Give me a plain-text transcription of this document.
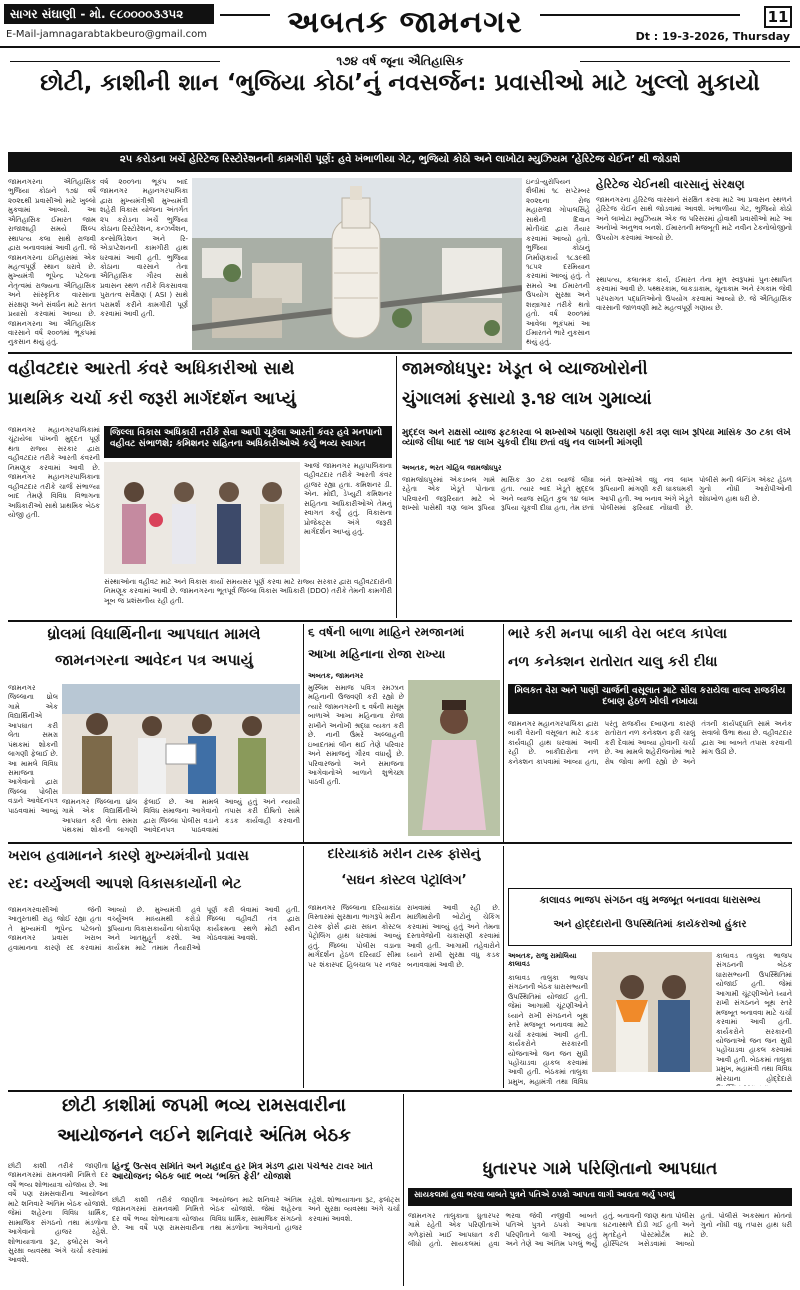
સાગર સંઘાણી - મો. ૯૮૦૦૦૦૩૩૫૨
E-Mail-jamnagarabtakbeuro@gmail.com	અબતક જામનગર	11
Dt : 19-3-2026, Thursday
૧૭૪ વર્ષ જૂના ઐતિહાસિક
છોટી, કાશીની શાન ‘ભુજિયા કોઠા’નું નવસર્જન: પ્રવાસીઓ માટે ખુલ્લો મુકાયો
૨૫ કરોડના ખર્ચે હેરિટેજ રિસ્ટોરેશનની કામગીરી પૂર્ણ: હવે ખંભાળીયા ગેટ, ભુજિયો કોઠો અને લાખોટા મ્યુઝિયમ ‘હેરિટેજ ચેઈન’ થી જોડાશે
જામનગરના ઐતિહાસિક ભુજિયા કોઠાને ૧૭૪ વર્ષ ૨૦૨૬થી પ્રવાસીઓ માટે ખુલ્લો મુકવામાં આવ્યો. આ ઐતિહાસિક ઈમારત જામ રાજાશાહી સમયે શિલ્પ સ્થાપત્ય કલા સાથે રાજવી દ્વારા બનાવવામાં આવી હતી. જે જામનગરના ઇતિહાસમાં એક મહત્વપૂર્ણ સ્થાન ધરાવે છે. મુખ્યમંત્રી ભૂપેન્દ્ર પટેલના નેતૃત્વમાં રાજ્યના ઐતિહાસિક અને સાંસ્કૃતિક વારસાના સંરક્ષણ અને સંવર્ધન માટે સતત પ્રયાસો કરવામાં આવ્યા છે. જામનગરના આ ઐતિહાસિક વારસાને વર્ષ ૨૦૦૧માં ભૂકંપમાં નુકસાન થયું હતું.
વર્ષ ૨૦૦૧ના ભૂકંપ બાદ જામનગર મહાનગરપાલિકા દ્વારા મુખ્યમંત્રીશ્રી મુખ્યમંત્રી શહેરી વિકાસ યોજના અંતર્ગત ૨૫ કરોડના ખર્ચે ભુજિયા કોઠાના રિસ્ટોરેશન, કન્ઝર્વેશન, કન્સોલિડેશન અને રિ-એડાપ્ટેશનની કામગીરી હાથ ધરવામાં આવી હતી. ભુજિયા કોઠાના વારસાને તેના ઐતિહાસિક ગૌરવ સાથે પ્રવાસન સ્થળ તરીકે વિકસાવવા પુરાતત્વ સર્વેક્ષણ ( ASI ) સાથે પરામર્શ કરીને કામગીરી પૂર્ણ કરવામાં આવી હતી.
ઇન્ડો-યુરોપિયન શૈલીમાં ૧૮ સપ્ટેમ્બર ૨૦૨૬ના રોજ મહારાજા ગોપાલસિંહે સાથેની દિવાન મોતીચંદ દ્વારા તૈયાર કરવામાં આવ્યો હતો. ભુજિયા કોઠાનું નિર્માણકાર્ય ૧૮૩૯થી ૧૮૫૨ દરમિયાન કરવામાં આવ્યું હતું. તે સમયે આ ઈમારતની ઉપયોગ સુરક્ષા અને શસ્ત્રાગાર તરીકે થતો હતો. વર્ષ ૨૦૦૧માં આવેલા ભૂકંપમાં આ ઈમારતને ભારે નુકસાન થયું હતું.
હેરિટેજ ચેઈનથી વારસાનું સંરક્ષણ
જામનગરના હેરિટેજ વારસાને સંરક્ષિત કરવા માટે આ પ્રવાસન સ્થળને હેરિટેજ ચેઈન સાથે જોડવામાં આવશે. ખંભાળીયા ગેટ, ભુજિયો કોઠો અને લાખોટા મ્યુઝિયમ એક જ પરિસરમાં હોવાથી પ્રવાસીઓ માટે આ અનોખો અનુભવ બનશે. ઈમારતની મજબૂતી માટે નવીન ટેકનોલોજીનો ઉપયોગ કરવામાં આવ્યો છે.
સ્થાપત્ય, કલાત્મક કાર્ય, ઈમારત તેના મૂળ સ્વરૂપમાં પુનઃસ્થાપિત કરવામાં આવી છે. પથ્થરકામ, લાકડાકામ, ચૂનાકામ અને રંગકામ જેવી પરંપરાગત પદ્ધતિઓનો ઉપયોગ કરવામાં આવ્યો છે. જે ઐતિહાસિક વારસાની જાળવણી માટે મહત્વપૂર્ણ ગણાય છે.
વહીવટદાર આરતી કંવરે અધિકારીઓ સાથે
પ્રાથમિક ચર્ચા કરી જરૂરી માર્ગદર્શન આપ્યું
જામનગર મહાનગરપાલિકામાં ચૂંટાયેલા પાંખની મુદ્દત પૂર્ણ થતા રાજ્ય સરકાર દ્વારા વહીવટદાર તરીકે આરતી કંવરની નિમણૂક કરવામાં આવી છે. જામનગર મહાનગરપાલિકાના વહીવટદાર તરીકે ચાર્જ સંભાળ્યા બાદ તેમણે વિવિધ વિભાગના અધિકારીઓ સાથે પ્રાથમિક બેઠક યોજી હતી.
જિલ્લા વિકાસ અધિકારી તરીકે સેવા આપી ચૂકેલા આરતી કંવર હવે મનપાનો વહીવટ સંભાળશે; કમિશનર સહિતના અધિકારીઓએ કર્યુ ભવ્ય સ્વાગત
આજે જામનગર મહાપાલિકાના વહીવટદાર તરીકે આરતી કંવર હાજર રહ્યા હતા. કમિશનર ડી. એન. મોદી, ડેપ્યુટી કમિશનર સહિતના અધિકારીઓએ તેમનું સ્વાગત કર્યું હતું. વિકાસના પ્રોજેક્ટ્સ અંગે જરૂરી માર્ગદર્શન આપ્યું હતું.
સંસ્થાઓના વહીવટ માટે અને વિકાસ કાર્યો સમયસર પૂર્ણ કરવા માટે રાજ્ય સરકાર દ્વારા વહીવટદારોની નિમણૂક કરવામાં આવી છે. જામનગરના ભૂતપૂર્વ જિલ્લા વિકાસ અધિકારી (DDO) તરીકે તેમની કામગીરી ખૂબ જ પ્રશંસનીય રહી હતી.
જામજોધપુર: ખેડૂત બે વ્યાજખોરોની
ચુંગાલમાં ફસાયો રૂ.૧૪ લાખ ગુમાવ્યાં
મુદ્દલ અને રાક્ષસી વ્યાજ ફટકારવા બે શખ્સોએ પઠાણી ઉઘરાણી કરી ત્રણ લાખ રૂપિયા માસિક ૩૦ ટકા લેખે વ્યાજે લીધા બાદ ૧૪ લાખ ચુકવી દીધા છતાં વધુ નવ લાખની માંગણી
અબતક, ભરત ગોહિલ જામજોધપુર
જામજોધપુરમાં એકડબલ ગામે રહેતા એક ખેડૂતે પોતાના પરિવારની જરૂરિયાત માટે બે શખ્સો પાસેથી ત્રણ લાખ રૂપિયા માસિક ૩૦ ટકા વ્યાજે લીધા હતા. ત્યાર બાદ ખેડૂતે મુદ્દલ અને વ્યાજ સહિત કુલ ૧૪ લાખ રૂપિયા ચૂકવી દીધા હતા, તેમ છતાં બંને શખ્સોએ વધુ નવ લાખ રૂપિયાની માંગણી કરી ધાકધમકી આપી હતી. આ બનાવ અંગે ખેડૂતે પોલીસમાં ફરિયાદ નોંધાવી છે. પોલીસે મની લેન્ડિંગ એક્ટ હેઠળ ગુનો નોંધી આરોપીઓની શોધખોળ હાથ ધરી છે.
ધ્રોલમાં વિધાર્થિનીના આપઘાત મામલે
જામનગરના આવેદન પત્ર અપાયું
જામનગર જિલ્લાના ધ્રોલ ગામે એક વિદ્યાર્થિનીએ આપઘાત કરી લેતા સમગ્ર પંથકમાં શોકની લાગણી ફેલાઈ છે. આ મામલે વિવિધ સમાજના આગેવાનો દ્વારા જિલ્લા પોલીસ વડાને આવેદનપત્ર પાઠવવામાં આવ્યું
જામનગર જિલ્લાના ધ્રોલ ગામે એક વિદ્યાર્થિનીએ આપઘાત કરી લેતા સમગ્ર પંથકમાં શોકની લાગણી ફેલાઈ છે. આ મામલે વિવિધ સમાજના આગેવાનો દ્વારા જિલ્લા પોલીસ વડાને આવેદનપત્ર પાઠવવામાં આવ્યું હતું અને ન્યાયી તપાસ કરી દોષિતો સામે કડક કાર્યવાહી કરવાની
૬ વર્ષની બાળા માહિને રમજાનમાં
આખા મહિનાના રોજા રાખ્યા
અબતક, જામનગર
મુસ્લિમ સમાજ પવિત્ર રમઝાન મહિનાની ઉજવણી કરી રહ્યો છે ત્યારે જામનગરની ૬ વર્ષની માસૂમ બાળાએ આખા મહિનાના રોજા રાખીને અનોખી શ્રદ્ધા વ્યક્ત કરી છે. નાની ઉંમરે અલ્લાહની ઇબાદતમાં લીન થઈ તેણે પરિવાર અને સમાજનું ગૌરવ વધાર્યું છે. પરિવારજનો અને સમાજના આગેવાનોએ બાળાને શુભેચ્છા પાઠવી હતી.
ભારે કરી મનપા બાકી વેરા બદલ કાપેલા
નળ કનેક્શન રાતોરાત ચાલુ કરી દીધા
મિલકત વેરા અને પાણી ચાર્જની વસૂલાત માટે સીલ કરાયેલા વાલ્વ રાજકીય દબાણ હેઠળ ખોલી નખાયા
જામનગર મહાનગરપાલિકા દ્વારા બાકી વેરાની વસૂલાત માટે કડક કાર્યવાહી હાથ ધરવામાં આવી રહી છે. બાકીદારોના નળ કનેક્શન કાપવામાં આવ્યા હતા, પરંતુ રાજકીય દબાણના કારણે રાતોરાત નળ કનેક્શન ફરી ચાલુ કરી દેવામાં આવ્યા હોવાની ચર્ચા છે. આ મામલે શહેરીજનોમાં ભારે રોષ જોવા મળી રહ્યો છે અને તંત્રની કાર્યપદ્ધતિ સામે અનેક સવાલો ઉભા થયા છે. વહીવટદાર દ્વારા આ બાબતે તપાસ કરવાની માંગ ઉઠી છે.
ખરાબ હવામાનને કારણે મુખ્યમંત્રીનો પ્રવાસ
રદ: વર્ચ્યુઅલી આપશે વિકાસકાર્યોની ભેટ
જામનગરવાસીઓ જેની આતુરતાથી રાહ જોઈ રહ્યા હતા તે મુખ્યમંત્રી ભૂપેન્દ્ર પટેલનો જામનગર પ્રવાસ ખરાબ હવામાનના કારણે રદ કરવામાં આવ્યો છે. મુખ્યમંત્રી હવે વર્ચ્યુઅલ માધ્યમથી કરોડો રૂપિયાના વિકાસકાર્યોના લોકાર્પણ અને ખાતમુહૂર્ત કરશે. આ કાર્યક્રમ માટે તમામ તૈયારીઓ પૂર્ણ કરી લેવામાં આવી હતી. જિલ્લા વહીવટી તંત્ર દ્વારા કાર્યક્રમના સ્થળે મોટી સ્ક્રીન ગોઠવવામાં આવશે.
દરિયાકાંઠે મરીન ટાસ્ક ફોર્સનું
‘સઘન કોસ્ટલ પેટ્રોલિંગ’
જામનગર જિલ્લાના દરિયાકાંઠા વિસ્તારમાં સુરક્ષાના ભાગરૂપે મરીન ટાસ્ક ફોર્સ દ્વારા સઘન કોસ્ટલ પેટ્રોલિંગ હાથ ધરવામાં આવ્યું હતું. જિલ્લા પોલીસ વડાના માર્ગદર્શન હેઠળ દરિયાઈ સીમા પર શંકાસ્પદ હિલચાલ પર નજર રાખવામાં આવી રહી છે. માછીમારોની બોટોનું ચેકિંગ કરવામાં આવ્યું હતું અને તેમના દસ્તાવેજોની ચકાસણી કરવામાં આવી હતી. આગામી તહેવારોને ધ્યાને રાખી સુરક્ષા વધુ કડક બનાવવામાં આવી છે.
કાલાવડ ભાજપ સંગઠન વધુ મજબૂત બનાવવા ધારાસભ્ય
અને હોદ્દેદારોની ઉપસ્થિતિમાં કાર્યકરોઓ હુંકાર
અબતક, રાજુ રામોલિયા કાલાવડ
કાલાવડ તાલુકા ભાજપ સંગઠનની બેઠક ધારાસભ્યની ઉપસ્થિતિમાં યોજાઈ હતી. જેમાં આગામી ચૂંટણીઓને ધ્યાને રાખી સંગઠનને બૂથ સ્તરે મજબૂત બનાવવા માટે ચર્ચા કરવામાં આવી હતી. કાર્યકરોને સરકારની યોજનાઓ જન જન સુધી પહોંચાડવા હાકલ કરવામાં આવી હતી. બેઠકમાં તાલુકા પ્રમુખ, મહામંત્રી તથા વિવિધ
કાલાવડ તાલુકા ભાજપ સંગઠનની બેઠક ધારાસભ્યની ઉપસ્થિતિમાં યોજાઈ હતી. જેમાં આગામી ચૂંટણીઓને ધ્યાને રાખી સંગઠનને બૂથ સ્તરે મજબૂત બનાવવા માટે ચર્ચા કરવામાં આવી હતી. કાર્યકરોને સરકારની યોજનાઓ જન જન સુધી પહોંચાડવા હાકલ કરવામાં આવી હતી. બેઠકમાં તાલુકા પ્રમુખ, મહામંત્રી તથા વિવિધ મોરચાના હોદ્દેદારો
છોટી કાશીમાં જપમી ભવ્ય રામસવારીના
આયોજનને લઈને શનિવારે અંતિમ બેઠક
છોટી કાશી તરીકે જાણીતા જામનગરમાં રામનવમી નિમિત્તે દર વર્ષે ભવ્ય શોભાયાત્રા યોજાય છે. આ વર્ષે પણ રામસવારીના આયોજન માટે શનિવારે અંતિમ બેઠક યોજાશે. જેમાં શહેરના વિવિધ ધાર્મિક, સામાજિક સંગઠનો તથા મંડળોના આગેવાનો હાજર રહેશે. શોભાયાત્રાના રૂટ, ફ્લોટ્સ અને સુરક્ષા વ્યવસ્થા અંગે ચર્ચા કરવામાં આવશે.
હિન્દુ ઉત્સવ સમિતિ અને મહાદેવ હર મિત્ર મંડળ દ્વારા પંચેશ્વર ટાવર ખાતે આયોજન; બેઠક બાદ ભવ્ય ‘ભક્તિ ફેરી’ યોજાશે
છોટી કાશી તરીકે જાણીતા જામનગરમાં રામનવમી નિમિત્તે દર વર્ષે ભવ્ય શોભાયાત્રા યોજાય છે. આ વર્ષે પણ રામસવારીના આયોજન માટે શનિવારે અંતિમ બેઠક યોજાશે. જેમાં શહેરના વિવિધ ધાર્મિક, સામાજિક સંગઠનો તથા મંડળોના આગેવાનો હાજર રહેશે. શોભાયાત્રાના રૂટ, ફ્લોટ્સ અને સુરક્ષા વ્યવસ્થા અંગે ચર્ચા કરવામાં આવશે.
ધુતારપર ગામે પરિણિતાનો આપઘાત
સાયકલમાં હવા ભરવા બાબતે પુત્રને પતિએ ઠપકો આપતા લાગી આવતા ભર્યુ પગલું
જામનગર તાલુકાના ધુતારપર ગામે રહેતી એક પરિણીતાએ ગળેફાંસો ખાઈ આપઘાત કરી લીધો હતો. સાયકલમાં હવા ભરવા જેવી નજીવી બાબતે પતિએ પુત્રને ઠપકો આપતા પરિણીતાને લાગી આવ્યું હતું અને તેણે આ અંતિમ પગલું ભર્યું હતું. બનાવની જાણ થતા પોલીસ ઘટનાસ્થળે દોડી ગઈ હતી અને મૃતદેહને પોસ્ટમોર્ટમ માટે હોસ્પિટલ ખસેડવામાં આવ્યો હતો. પોલીસે અકસ્માત મોતનો ગુનો નોંધી વધુ તપાસ હાથ ધરી છે.
